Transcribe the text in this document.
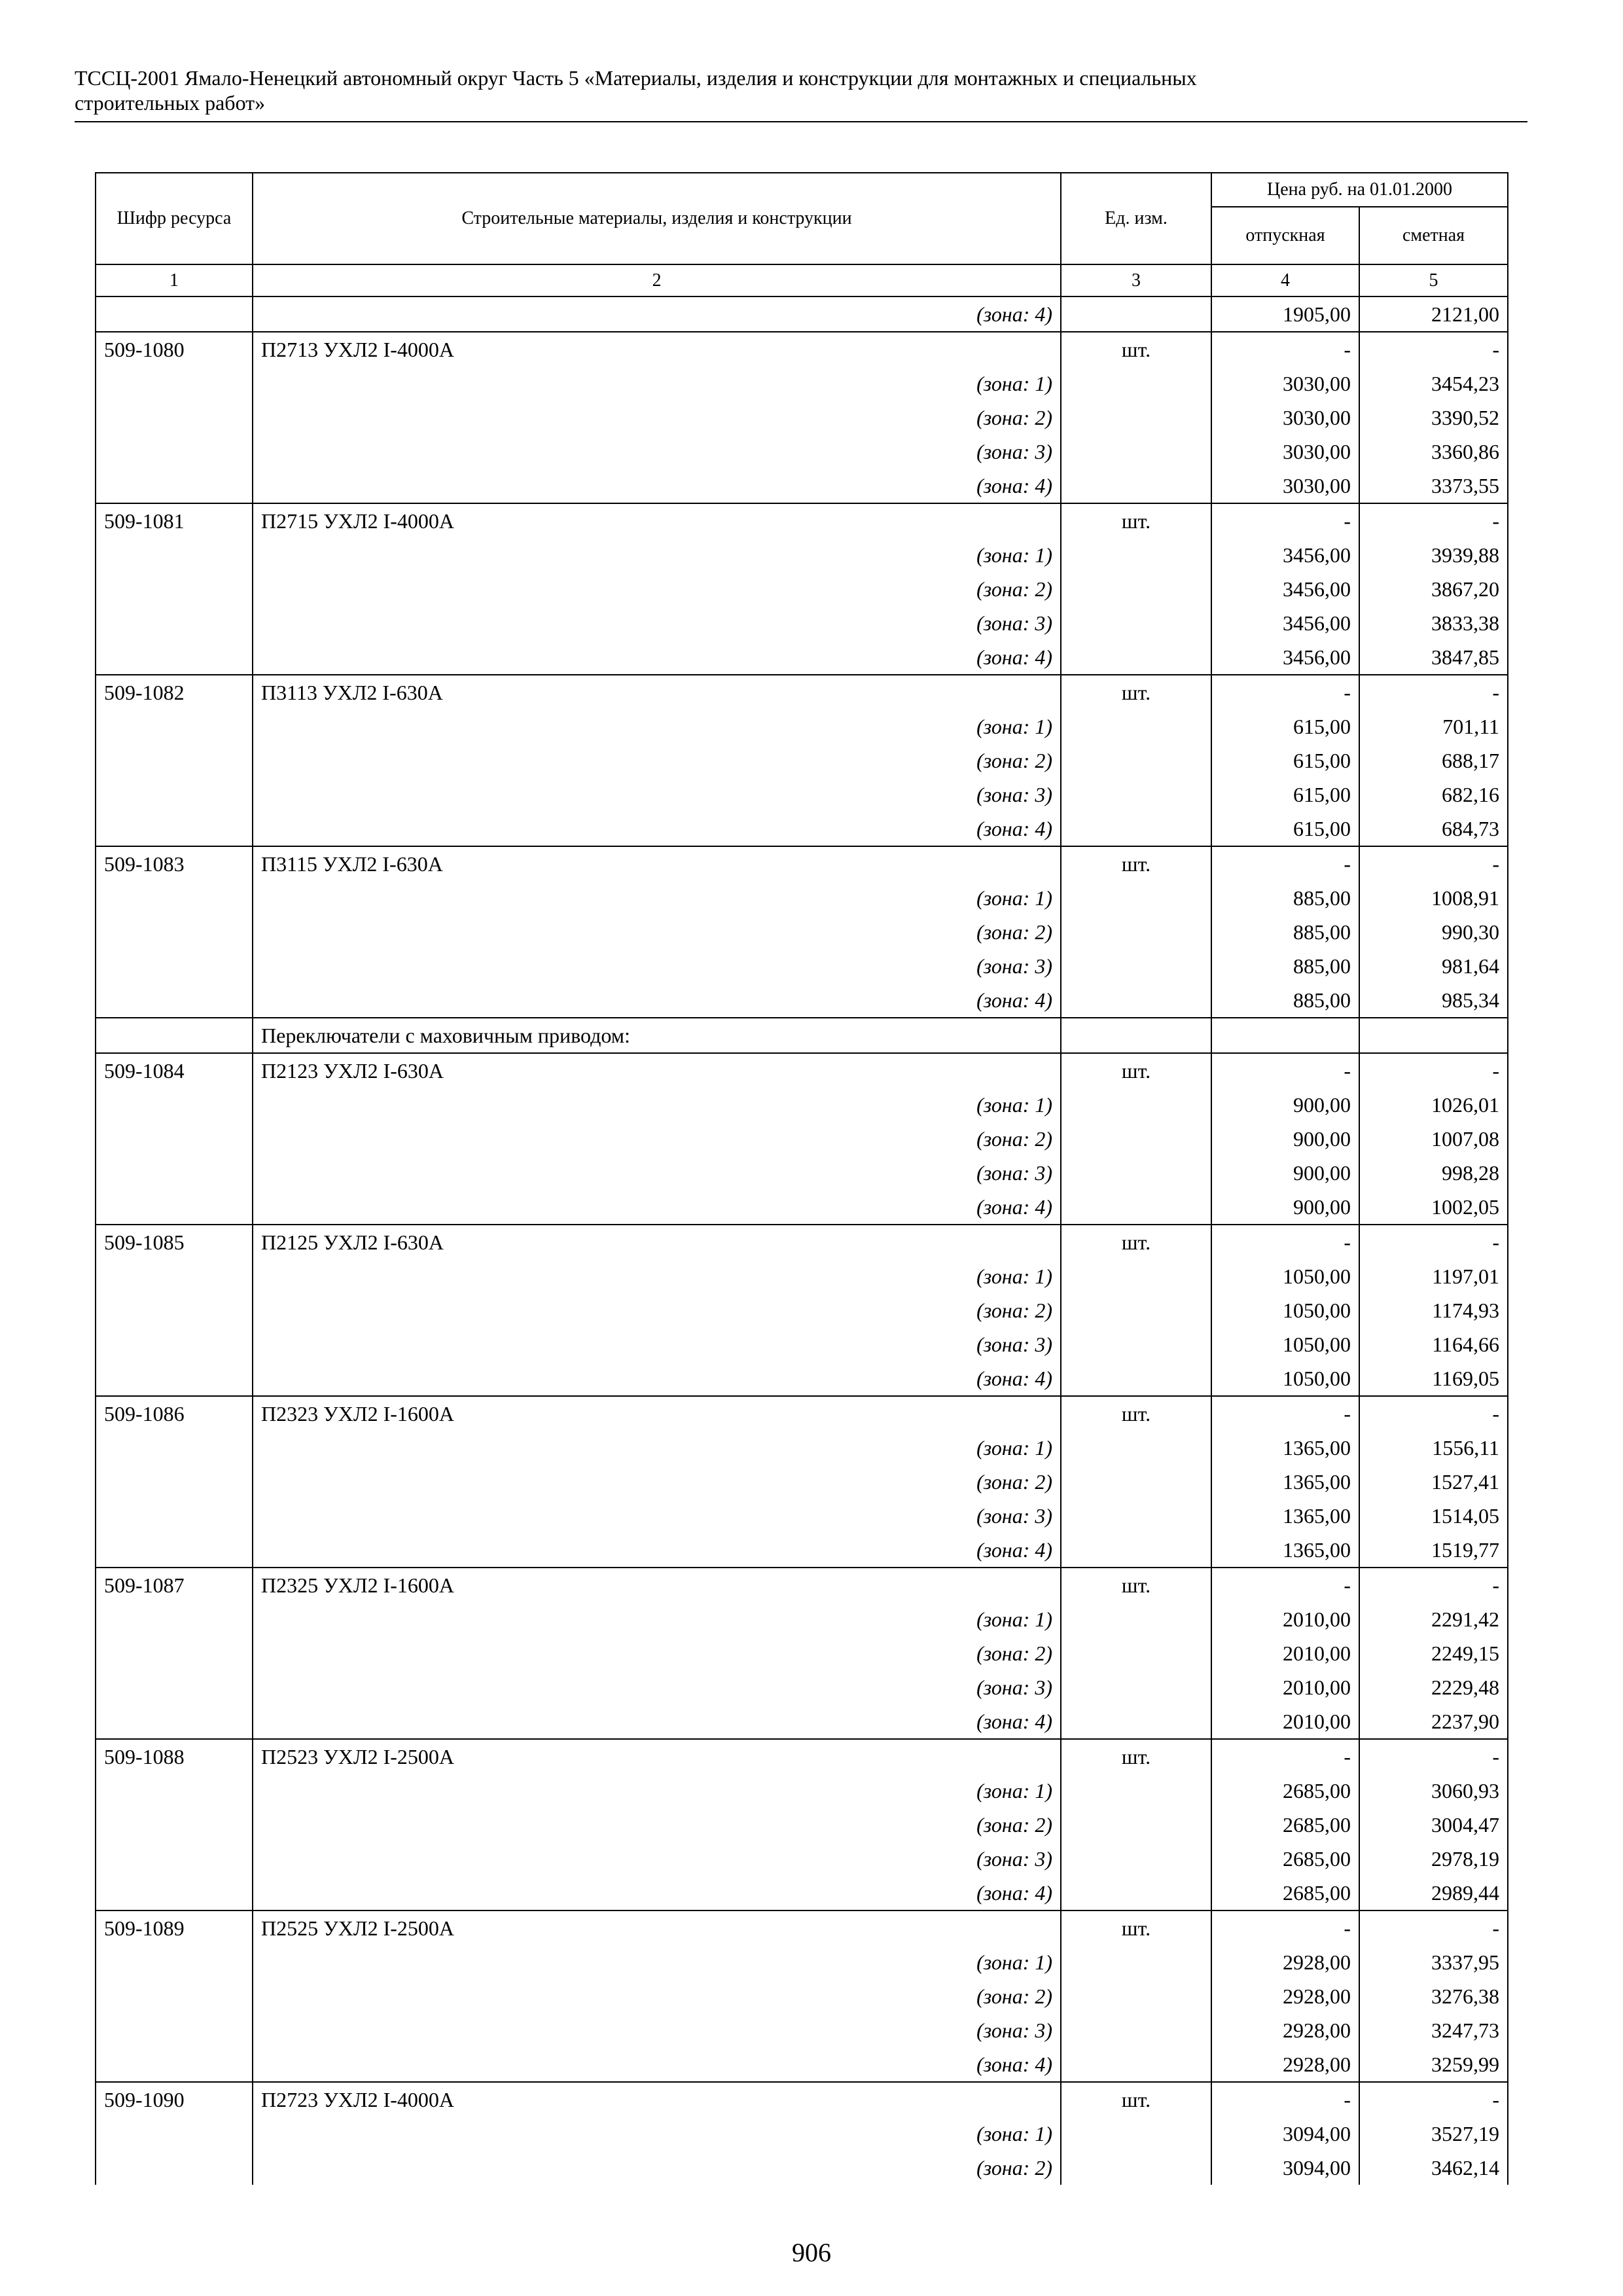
ТССЦ-2001 Ямало-Ненецкий автономный округ Часть 5 «Материалы, изделия и конструкции для монтажных и специальных
строительных работ»
Шифр ресурса	Строительные материалы, изделия и конструкции	Ед. изм.	Цена руб. на 01.01.2000	
			отпускная	сметная
1	2	3	4	5
	(зона: 4)		1905,00	2121,00
509-1080	П2713 УХЛ2 I-4000А	шт.	-	-
	(зона: 1)		3030,00	3454,23
	(зона: 2)		3030,00	3390,52
	(зона: 3)		3030,00	3360,86
	(зона: 4)		3030,00	3373,55
509-1081	П2715 УХЛ2 I-4000А	шт.	-	-
	(зона: 1)		3456,00	3939,88
	(зона: 2)		3456,00	3867,20
	(зона: 3)		3456,00	3833,38
	(зона: 4)		3456,00	3847,85
509-1082	П3113 УХЛ2 I-630А	шт.	-	-
	(зона: 1)		615,00	701,11
	(зона: 2)		615,00	688,17
	(зона: 3)		615,00	682,16
	(зона: 4)		615,00	684,73
509-1083	П3115 УХЛ2 I-630А	шт.	-	-
	(зона: 1)		885,00	1008,91
	(зона: 2)		885,00	990,30
	(зона: 3)		885,00	981,64
	(зона: 4)		885,00	985,34
	Переключатели с маховичным приводом:			
509-1084	П2123 УХЛ2 I-630А	шт.	-	-
	(зона: 1)		900,00	1026,01
	(зона: 2)		900,00	1007,08
	(зона: 3)		900,00	998,28
	(зона: 4)		900,00	1002,05
509-1085	П2125 УХЛ2 I-630А	шт.	-	-
	(зона: 1)		1050,00	1197,01
	(зона: 2)		1050,00	1174,93
	(зона: 3)		1050,00	1164,66
	(зона: 4)		1050,00	1169,05
509-1086	П2323 УХЛ2 I-1600А	шт.	-	-
	(зона: 1)		1365,00	1556,11
	(зона: 2)		1365,00	1527,41
	(зона: 3)		1365,00	1514,05
	(зона: 4)		1365,00	1519,77
509-1087	П2325 УХЛ2 I-1600А	шт.	-	-
	(зона: 1)		2010,00	2291,42
	(зона: 2)		2010,00	2249,15
	(зона: 3)		2010,00	2229,48
	(зона: 4)		2010,00	2237,90
509-1088	П2523 УХЛ2 I-2500А	шт.	-	-
	(зона: 1)		2685,00	3060,93
	(зона: 2)		2685,00	3004,47
	(зона: 3)		2685,00	2978,19
	(зона: 4)		2685,00	2989,44
509-1089	П2525 УХЛ2 I-2500А	шт.	-	-
	(зона: 1)		2928,00	3337,95
	(зона: 2)		2928,00	3276,38
	(зона: 3)		2928,00	3247,73
	(зона: 4)		2928,00	3259,99
509-1090	П2723 УХЛ2 I-4000А	шт.	-	-
	(зона: 1)		3094,00	3527,19
	(зона: 2)		3094,00	3462,14
906
